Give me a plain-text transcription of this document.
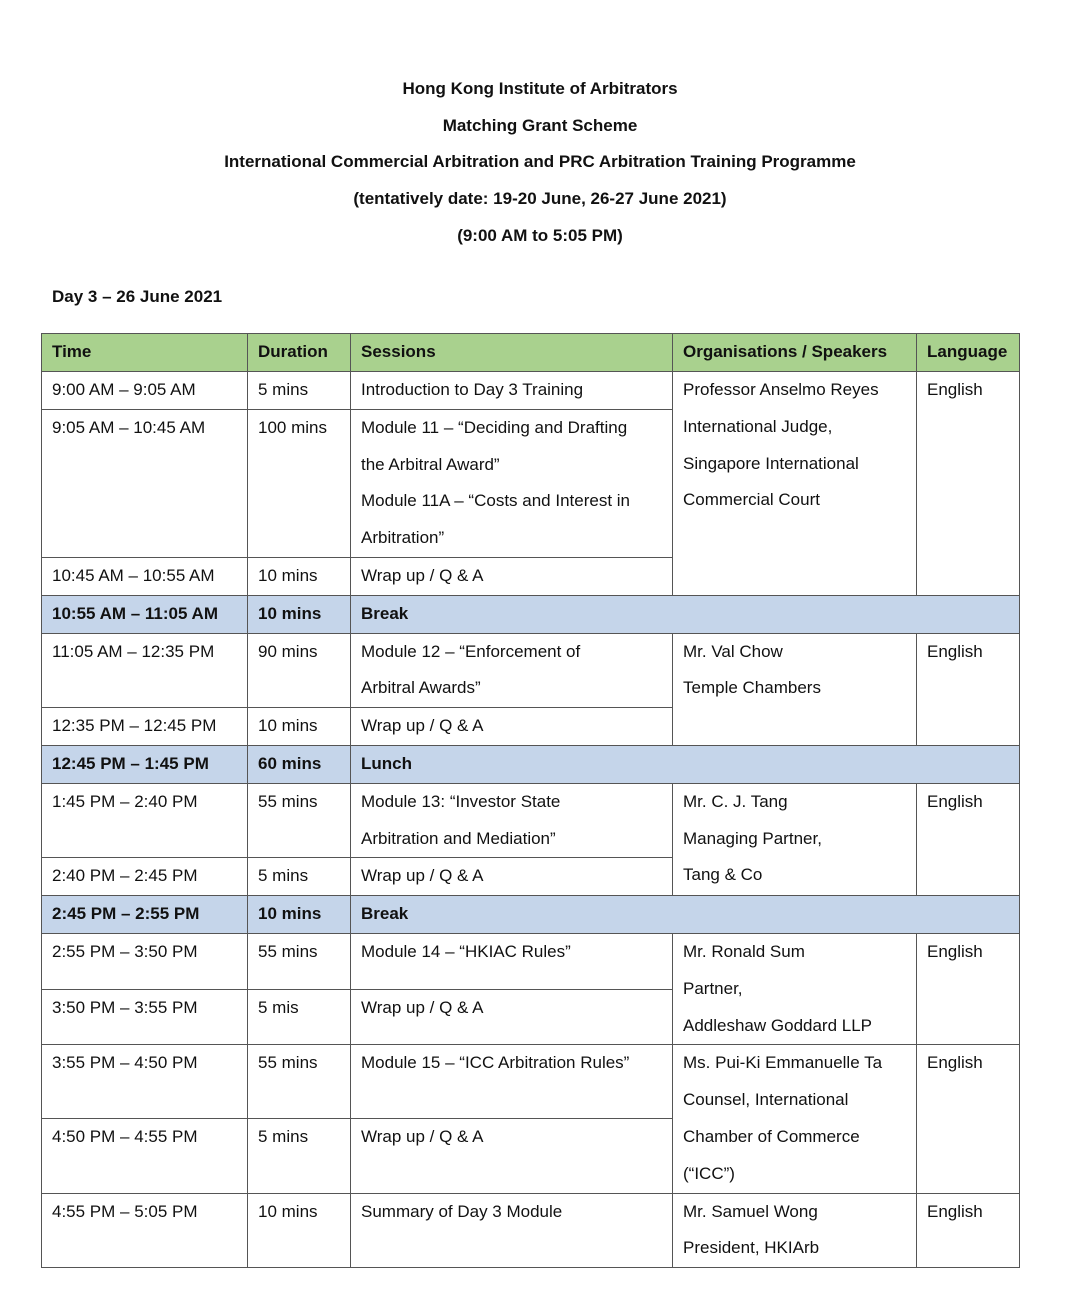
Hong Kong Institute of Arbitrators
Matching Grant Scheme
International Commercial Arbitration and PRC Arbitration Training Programme
(tentatively date: 19-20 June, 26-27 June 2021)
(9:00 AM to 5:05 PM)
Day 3 – 26 June 2021
Time	Duration	Sessions	Organisations / Speakers	Language
9:00 AM – 9:05 AM	5 mins	Introduction to Day 3 Training	Professor Anselmo Reyes
International Judge,
Singapore International
Commercial Court	English
9:05 AM – 10:45 AM	100 mins	Module 11 – “Deciding and Drafting
the Arbitral Award”
Module 11A – “Costs and Interest in
Arbitration”		

10:45 AM – 10:55 AM	10 mins	Wrap up / Q & A		

10:55 AM – 11:05 AM	10 mins	Break		

11:05 AM – 12:35 PM	90 mins	Module 12 – “Enforcement of
Arbitral Awards”	Mr. Val Chow
Temple Chambers	English
12:35 PM – 12:45 PM	10 mins	Wrap up / Q & A		

12:45 PM – 1:45 PM	60 mins	Lunch		

1:45 PM – 2:40 PM	55 mins	Module 13: “Investor State
Arbitration and Mediation”	Mr. C. J. Tang
Managing Partner,
Tang & Co	English
2:40 PM – 2:45 PM	5 mins	Wrap up / Q & A		

2:45 PM – 2:55 PM	10 mins	Break		

2:55 PM – 3:50 PM	55 mins	Module 14 – “HKIAC Rules”	Mr. Ronald Sum
Partner,
Addleshaw Goddard LLP	English
3:50 PM – 3:55 PM	5 mis	Wrap up / Q & A		

3:55 PM – 4:50 PM	55 mins	Module 15 – “ICC Arbitration Rules”	Ms. Pui-Ki Emmanuelle Ta
Counsel, International
Chamber of Commerce
(“ICC”)	English
4:50 PM – 4:55 PM	5 mins	Wrap up / Q & A		

4:55 PM – 5:05 PM	10 mins	Summary of Day 3 Module	Mr. Samuel Wong
President, HKIArb	English
